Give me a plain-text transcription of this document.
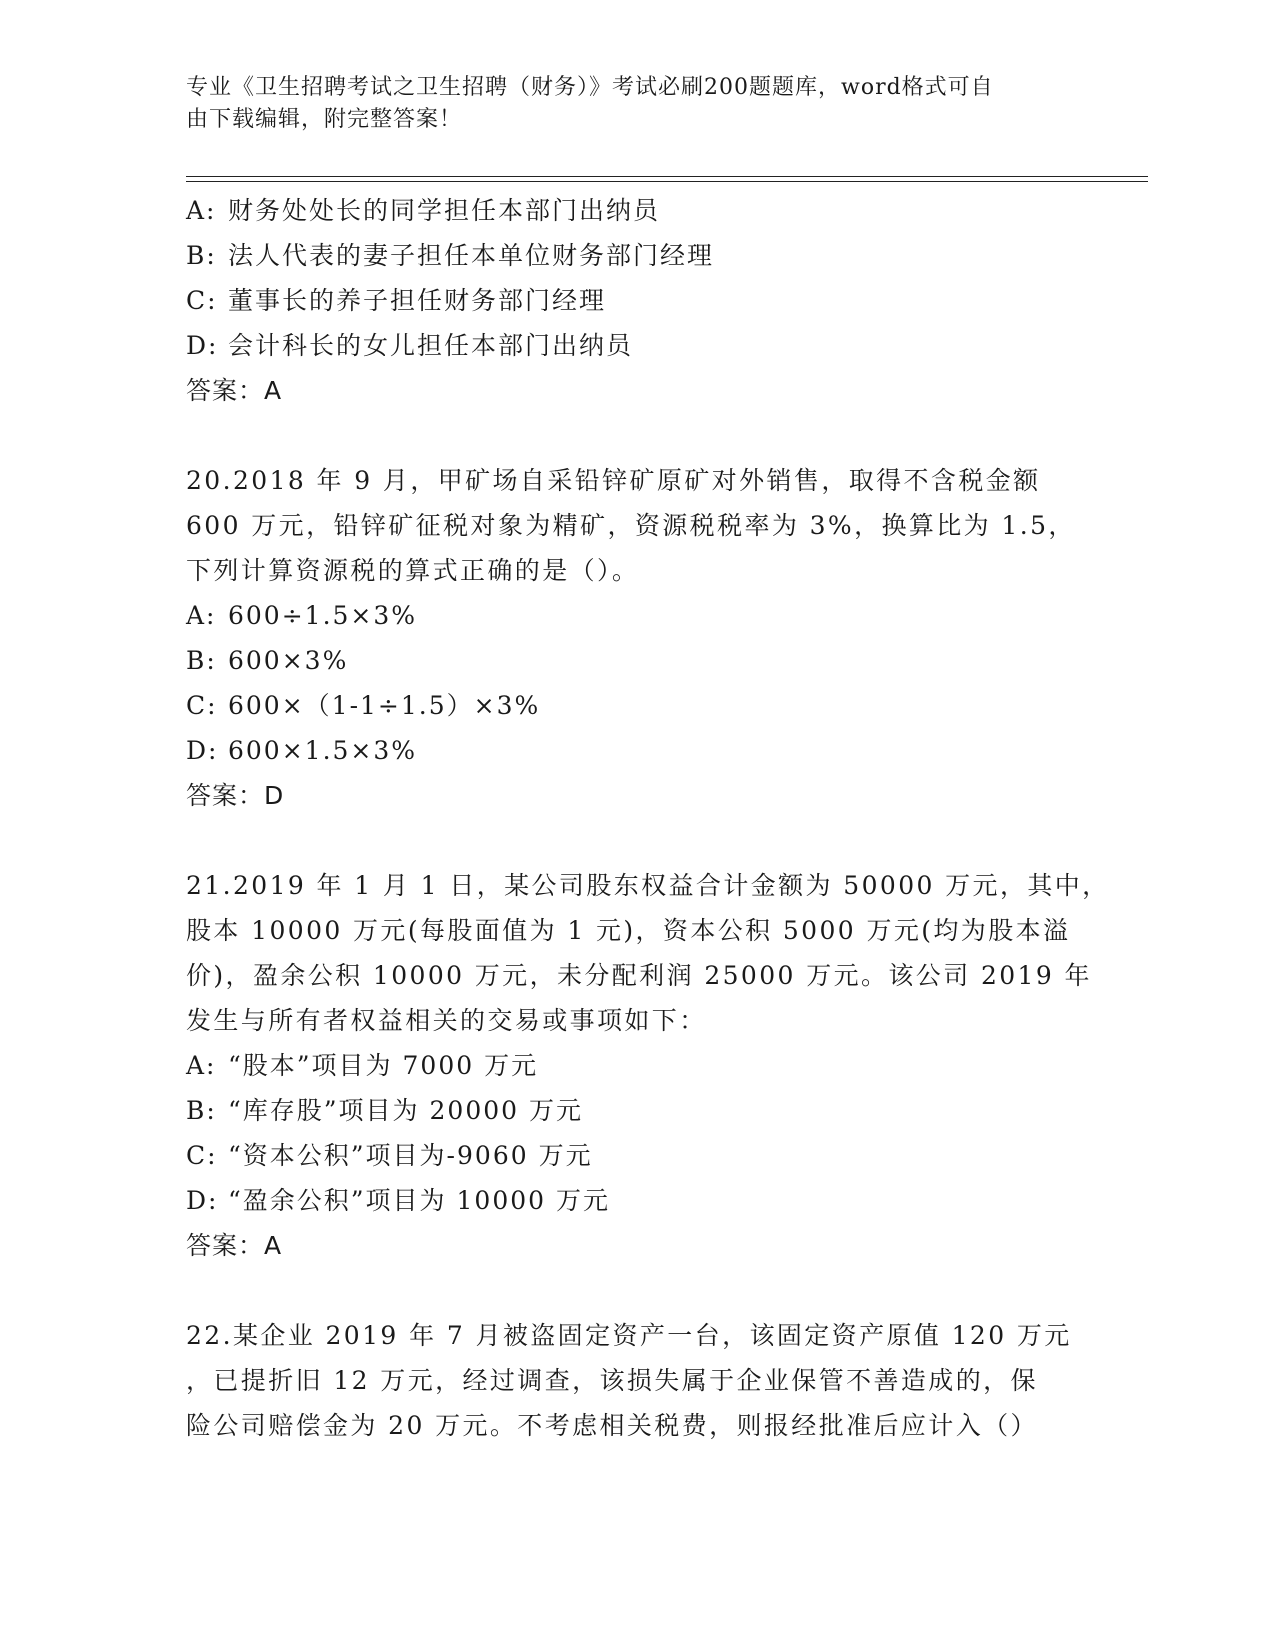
专业《卫生招聘考试之卫生招聘（财务）》考试必刷200题题库，word格式可自
由下载编辑，附完整答案！
A: 财务处处长的同学担任本部门出纳员
B: 法人代表的妻子担任本单位财务部门经理
C: 董事长的养子担任财务部门经理
D: 会计科长的女儿担任本部门出纳员
答案：A
20.2018 年 9 月，甲矿场自采铅锌矿原矿对外销售，取得不含税金额
600 万元，铅锌矿征税对象为精矿，资源税税率为 3%，换算比为 1.5，
下列计算资源税的算式正确的是（）。
A: 600÷1.5×3%
B: 600×3%
C: 600×（1-1÷1.5）×3%
D: 600×1.5×3%
答案：D
21.2019 年 1 月 1 日，某公司股东权益合计金额为 50000 万元，其中，
股本 10000 万元(每股面值为 1 元)，资本公积 5000 万元(均为股本溢
价)，盈余公积 10000 万元，未分配利润 25000 万元。该公司 2019 年
发生与所有者权益相关的交易或事项如下：
A: “股本”项目为 7000 万元
B: “库存股”项目为 20000 万元
C: “资本公积”项目为-9060 万元
D: “盈余公积”项目为 10000 万元
答案：A
22.某企业 2019 年 7 月被盗固定资产一台，该固定资产原值 120 万元
，已提折旧 12 万元，经过调查，该损失属于企业保管不善造成的，保
险公司赔偿金为 20 万元。不考虑相关税费，则报经批准后应计入（）
